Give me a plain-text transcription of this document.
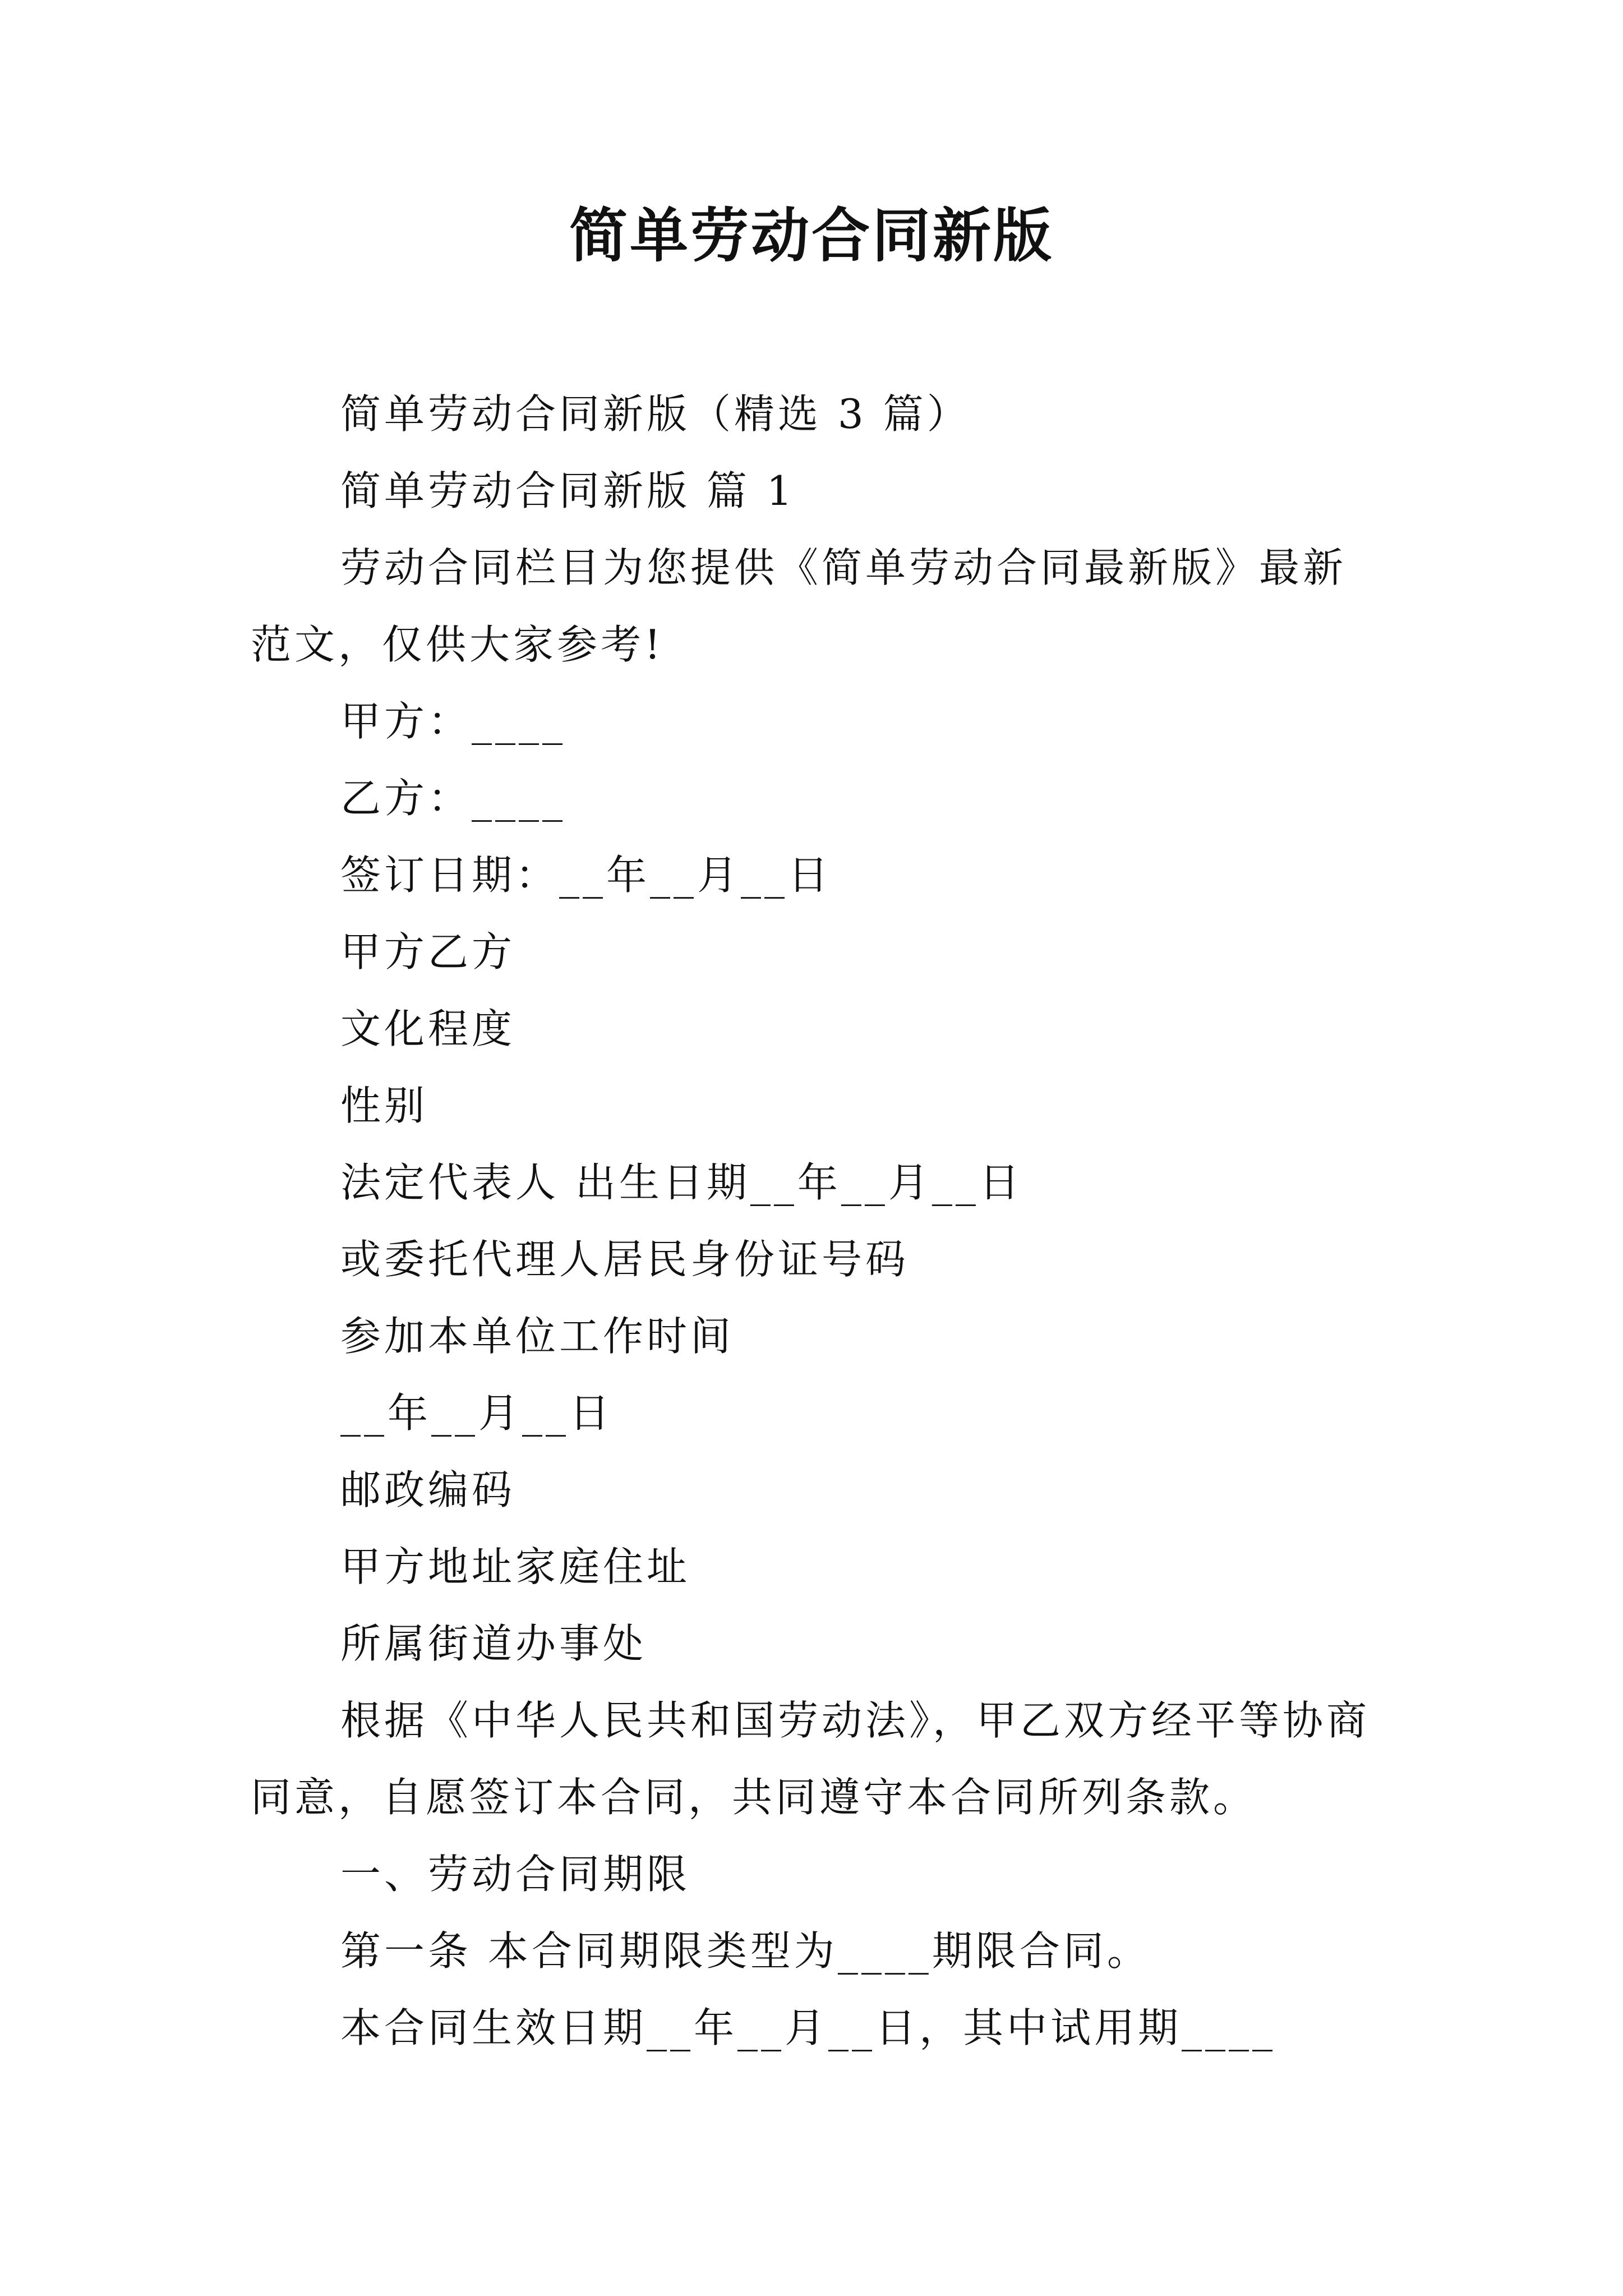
简单劳动合同新版

简单劳动合同新版（精选 3 篇）

简单劳动合同新版 篇 1

劳动合同栏目为您提供《简单劳动合同最新版》最新范文，仅供大家参考!

甲方：____

乙方：____

签订日期：__年__月__日

甲方乙方

文化程度

性别

法定代表人 出生日期__年__月__日

或委托代理人居民身份证号码

参加本单位工作时间

__年__月__日

邮政编码

甲方地址家庭住址

所属街道办事处

根据《中华人民共和国劳动法》，甲乙双方经平等协商同意，自愿签订本合同，共同遵守本合同所列条款。

一、劳动合同期限

第一条 本合同期限类型为____期限合同。

本合同生效日期__年__月__日，其中试用期____
